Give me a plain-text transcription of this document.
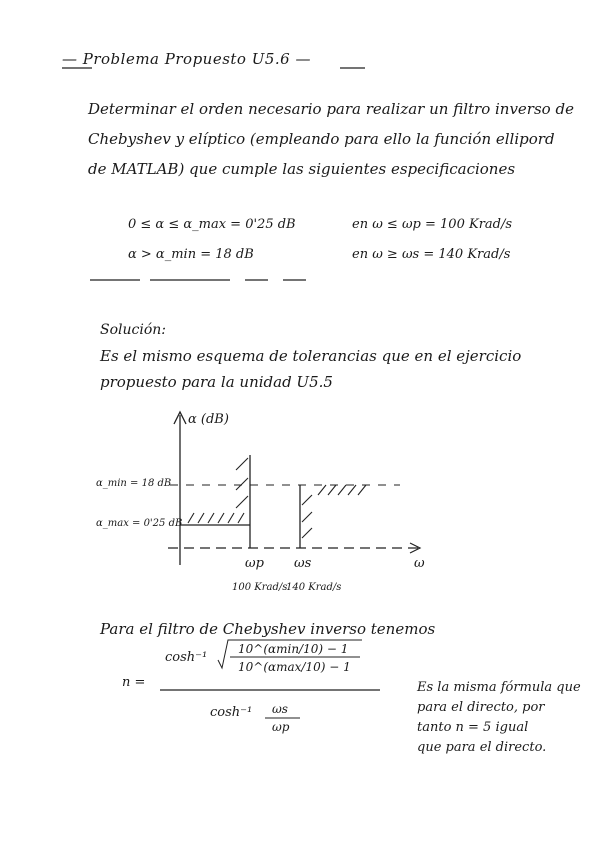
— Problema Propuesto U5.6 —
Determinar el orden necesario para realizar un filtro inverso de
Chebyshev y elíptico (empleando para ello la función ellipord
de MATLAB) que cumple las siguientes especificaciones
0 ≤ α ≤ α_max = 0'25 dB	en ω ≤ ωp = 100 Krad/s
α > α_min = 18 dB	en ω ≥ ωs = 140 Krad/s
Solución:
Es el mismo esquema de tolerancias que en el ejercicio
propuesto para la unidad U5.5
α (dB)
α_min = 18 dB
α_max = 0'25 dB
ωp ωs	ω
100 Krad/s
140 Krad/s
Para el filtro de Chebyshev inverso tenemos
n =
cosh⁻¹
10^(αmin/10) − 1
10^(αmax/10) − 1
cosh⁻¹ ωs
ωp
Es la misma fórmula que
para el directo, por
tanto n = 5 igual
que para el directo.
